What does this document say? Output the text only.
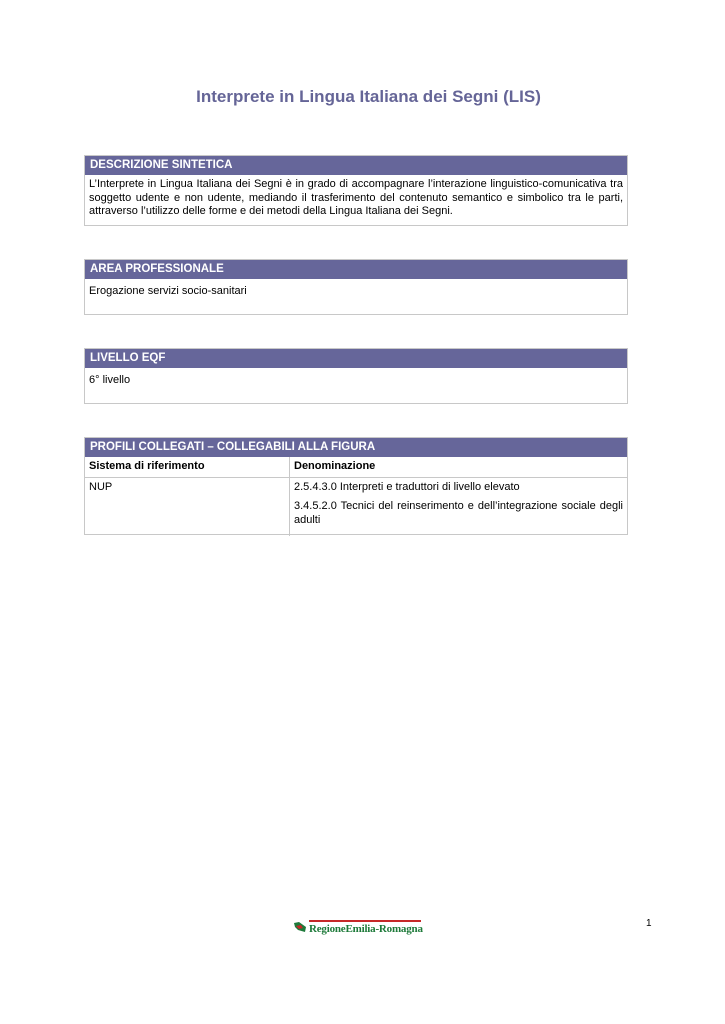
Interprete in Lingua Italiana dei Segni (LIS)
DESCRIZIONE SINTETICA
L’Interprete in Lingua Italiana dei Segni è in grado di accompagnare l’interazione linguistico-comunicativa tra soggetto udente e non udente, mediando il trasferimento del contenuto semantico e simbolico tra le parti, attraverso l’utilizzo delle forme e dei metodi della Lingua Italiana dei Segni.
AREA PROFESSIONALE
Erogazione servizi socio-sanitari
LIVELLO EQF
6° livello
PROFILI COLLEGATI – COLLEGABILI ALLA FIGURA
Sistema di riferimento	Denominazione
NUP	2.5.4.3.0 Interpreti e traduttori di livello elevato
3.4.5.2.0 Tecnici del reinserimento e dell’integrazione sociale degli adulti
RegioneEmilia-Romagna	1
